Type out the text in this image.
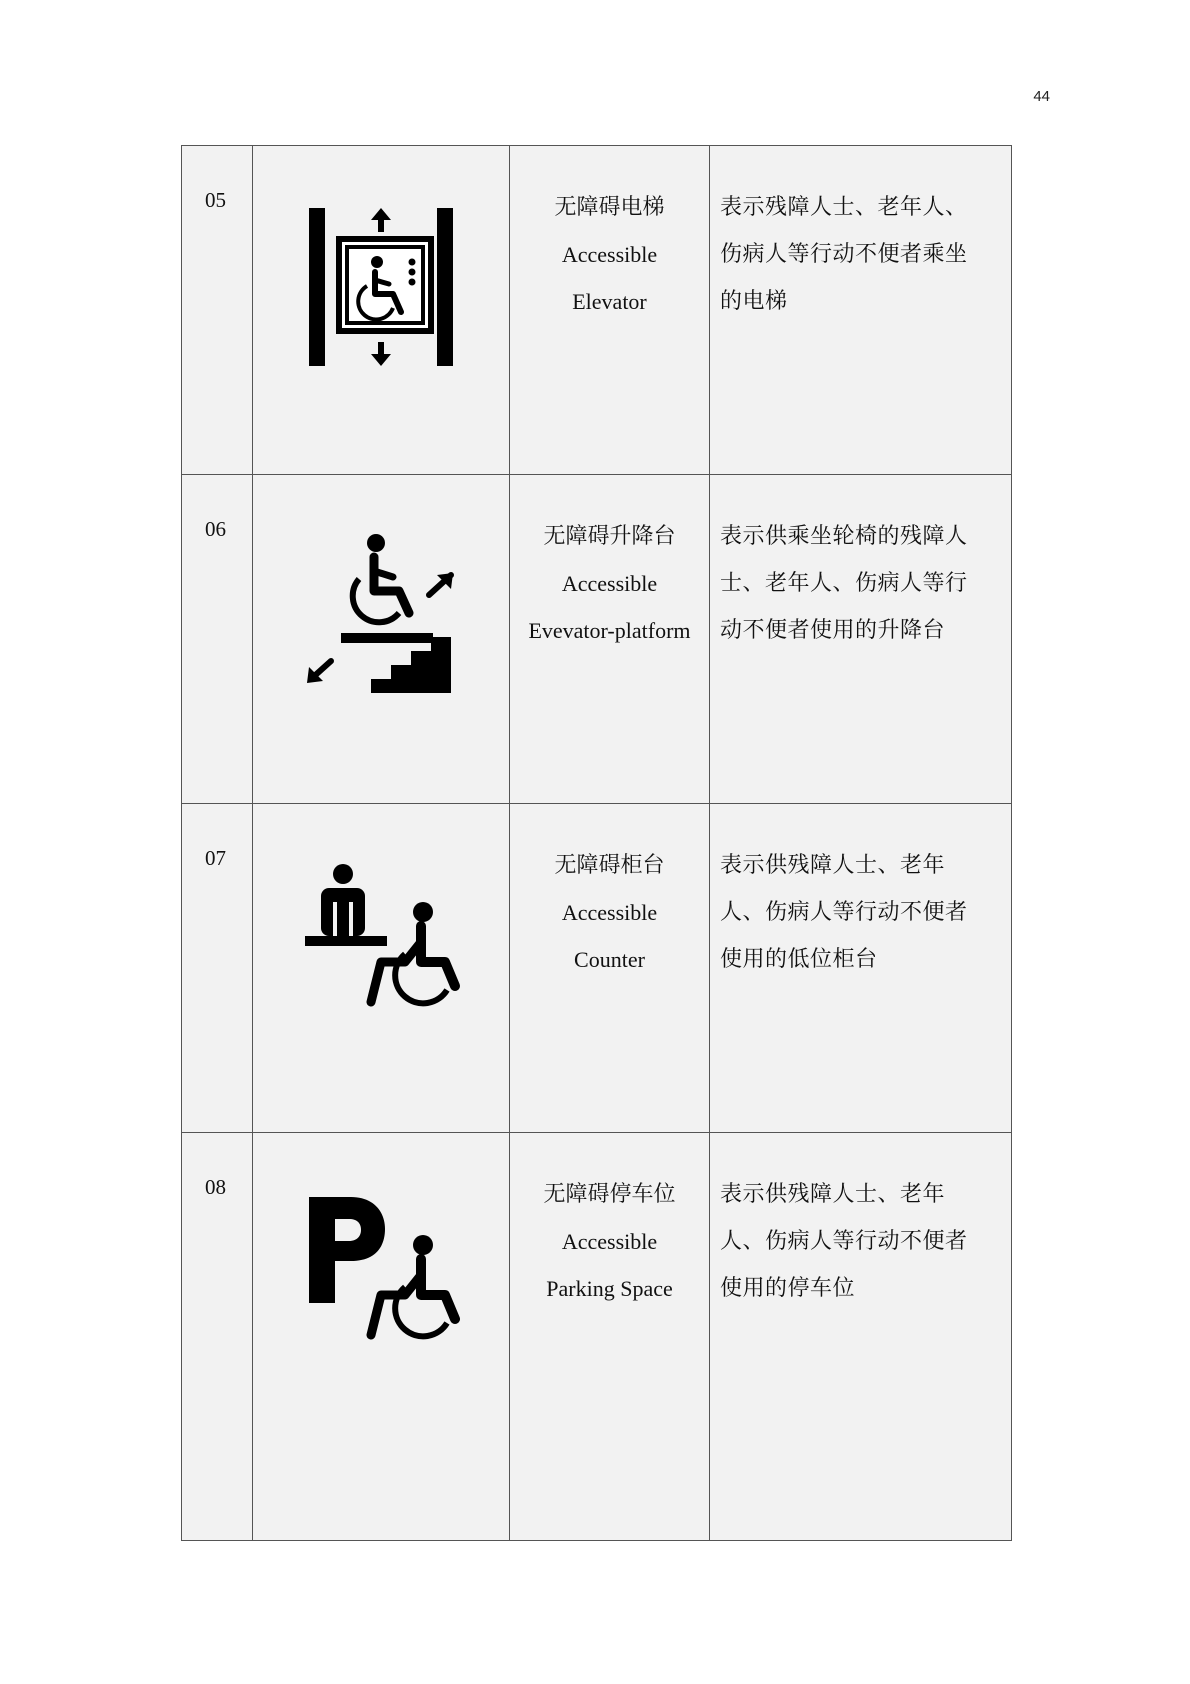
44
05		无障碍电梯
Accessible
Elevator	表示残障人士、老年人、
伤病人等行动不便者乘坐
的电梯

06		无障碍升降台
Accessible
Evevator-platform	表示供乘坐轮椅的残障人
士、老年人、伤病人等行
动不便者使用的升降台

07		无障碍柜台
Accessible
Counter	表示供残障人士、老年
人、伤病人等行动不便者
使用的低位柜台

08		无障碍停车位
Accessible
Parking Space	表示供残障人士、老年
人、伤病人等行动不便者
使用的停车位
